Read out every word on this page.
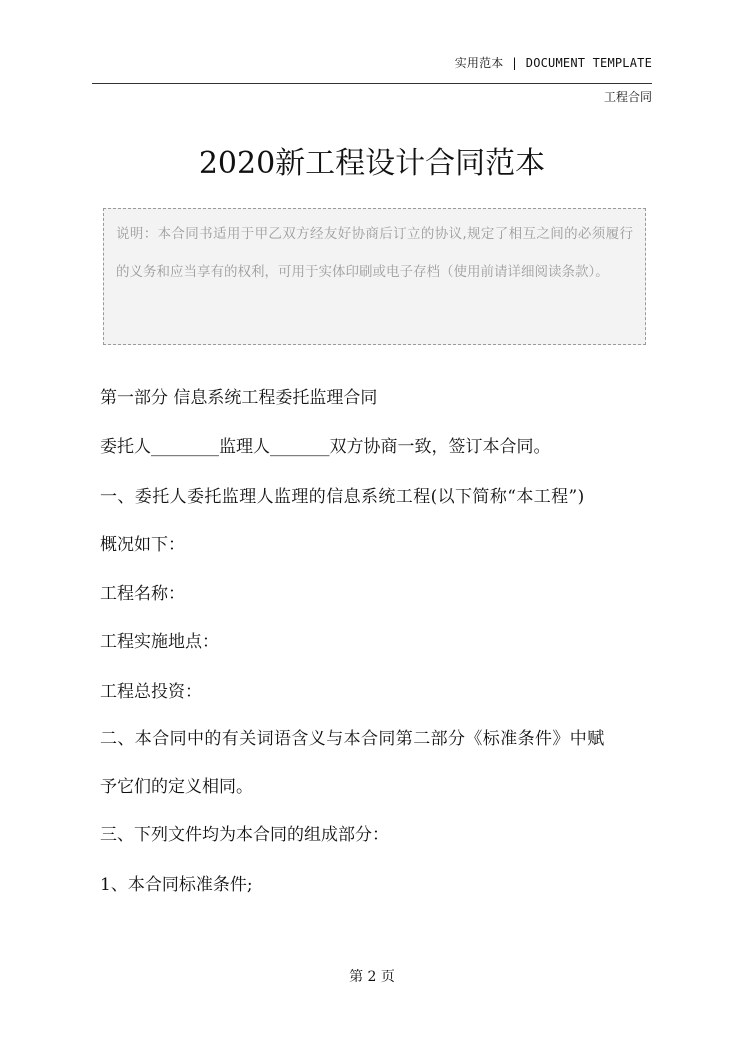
实用范本 | DOCUMENT TEMPLATE
工程合同
2020新工程设计合同范本

说明：本合同书适用于甲乙双方经友好协商后订立的协议,规定了相互之间的必须履行的义务和应当享有的权利，可用于实体印刷或电子存档（使用前请详细阅读条款）。

第一部分 信息系统工程委托监理合同

委托人________监理人_______双方协商一致，签订本合同。

一、委托人委托监理人监理的信息系统工程(以下简称“本工程”)

概况如下：

工程名称：

工程实施地点：

工程总投资：

二、本合同中的有关词语含义与本合同第二部分《标准条件》中赋

予它们的定义相同。

三、下列文件均为本合同的组成部分：

1、本合同标准条件;

第 2 页
